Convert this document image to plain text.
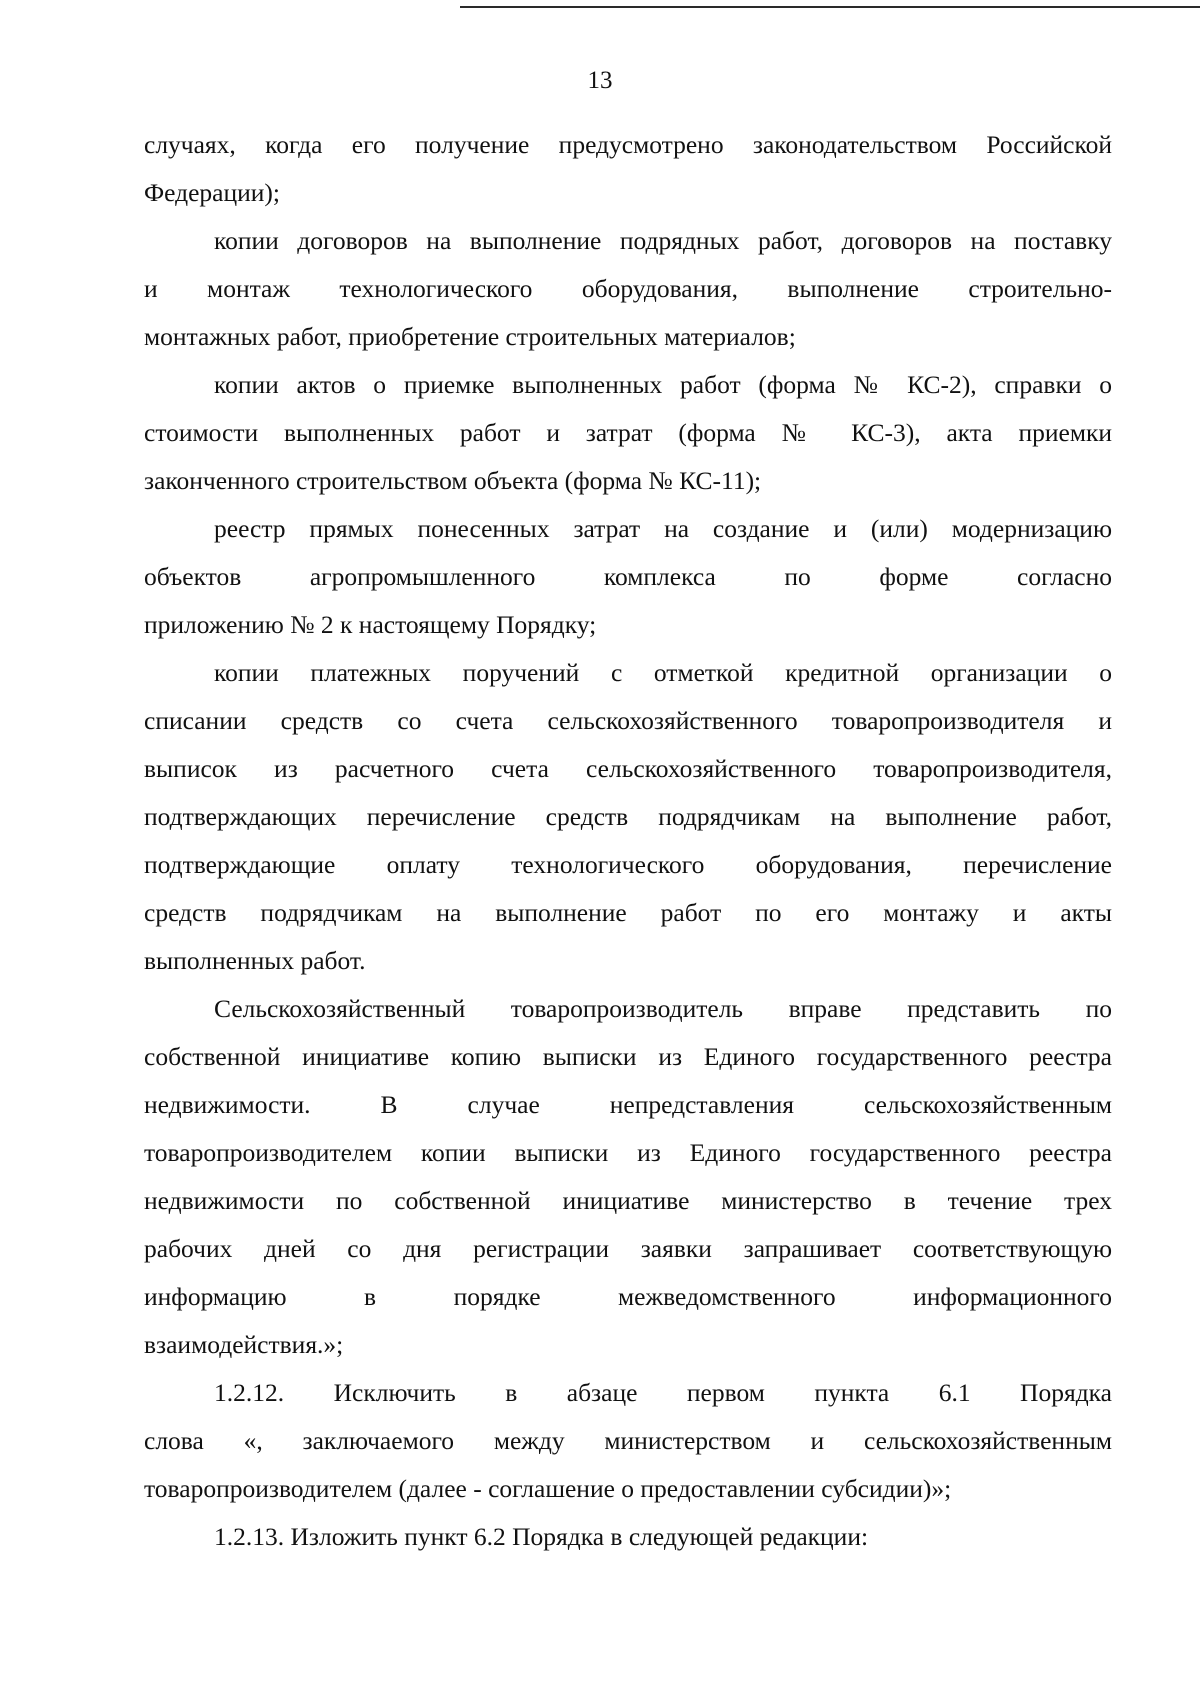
13
случаях, когда его получение предусмотрено законодательством Российской
Федерации);
копии договоров на выполнение подрядных работ, договоров на поставку
и монтаж технологического оборудования, выполнение строительно-
монтажных работ, приобретение строительных материалов;
копии актов о приемке выполненных работ (форма № КС-2), справки о
стоимости выполненных работ и затрат (форма № КС-3), акта приемки
законченного строительством объекта (форма № КС-11);
реестр прямых понесенных затрат на создание и (или) модернизацию
объектов агропромышленного комплекса по форме согласно
приложению № 2 к настоящему Порядку;
копии платежных поручений с отметкой кредитной организации о
списании средств со счета сельскохозяйственного товаропроизводителя и
выписок из расчетного счета сельскохозяйственного товаропроизводителя,
подтверждающих перечисление средств подрядчикам на выполнение работ,
подтверждающие оплату технологического оборудования, перечисление
средств подрядчикам на выполнение работ по его монтажу и акты
выполненных работ.
Сельскохозяйственный товаропроизводитель вправе представить по
собственной инициативе копию выписки из Единого государственного реестра
недвижимости. В случае непредставления сельскохозяйственным
товаропроизводителем копии выписки из Единого государственного реестра
недвижимости по собственной инициативе министерство в течение трех
рабочих дней со дня регистрации заявки запрашивает соответствующую
информацию в порядке межведомственного информационного
взаимодействия.»;
1.2.12. Исключить в абзаце первом пункта 6.1 Порядка
слова «, заключаемого между министерством и сельскохозяйственным
товаропроизводителем (далее - соглашение о предоставлении субсидии)»;
1.2.13. Изложить пункт 6.2 Порядка в следующей редакции:
